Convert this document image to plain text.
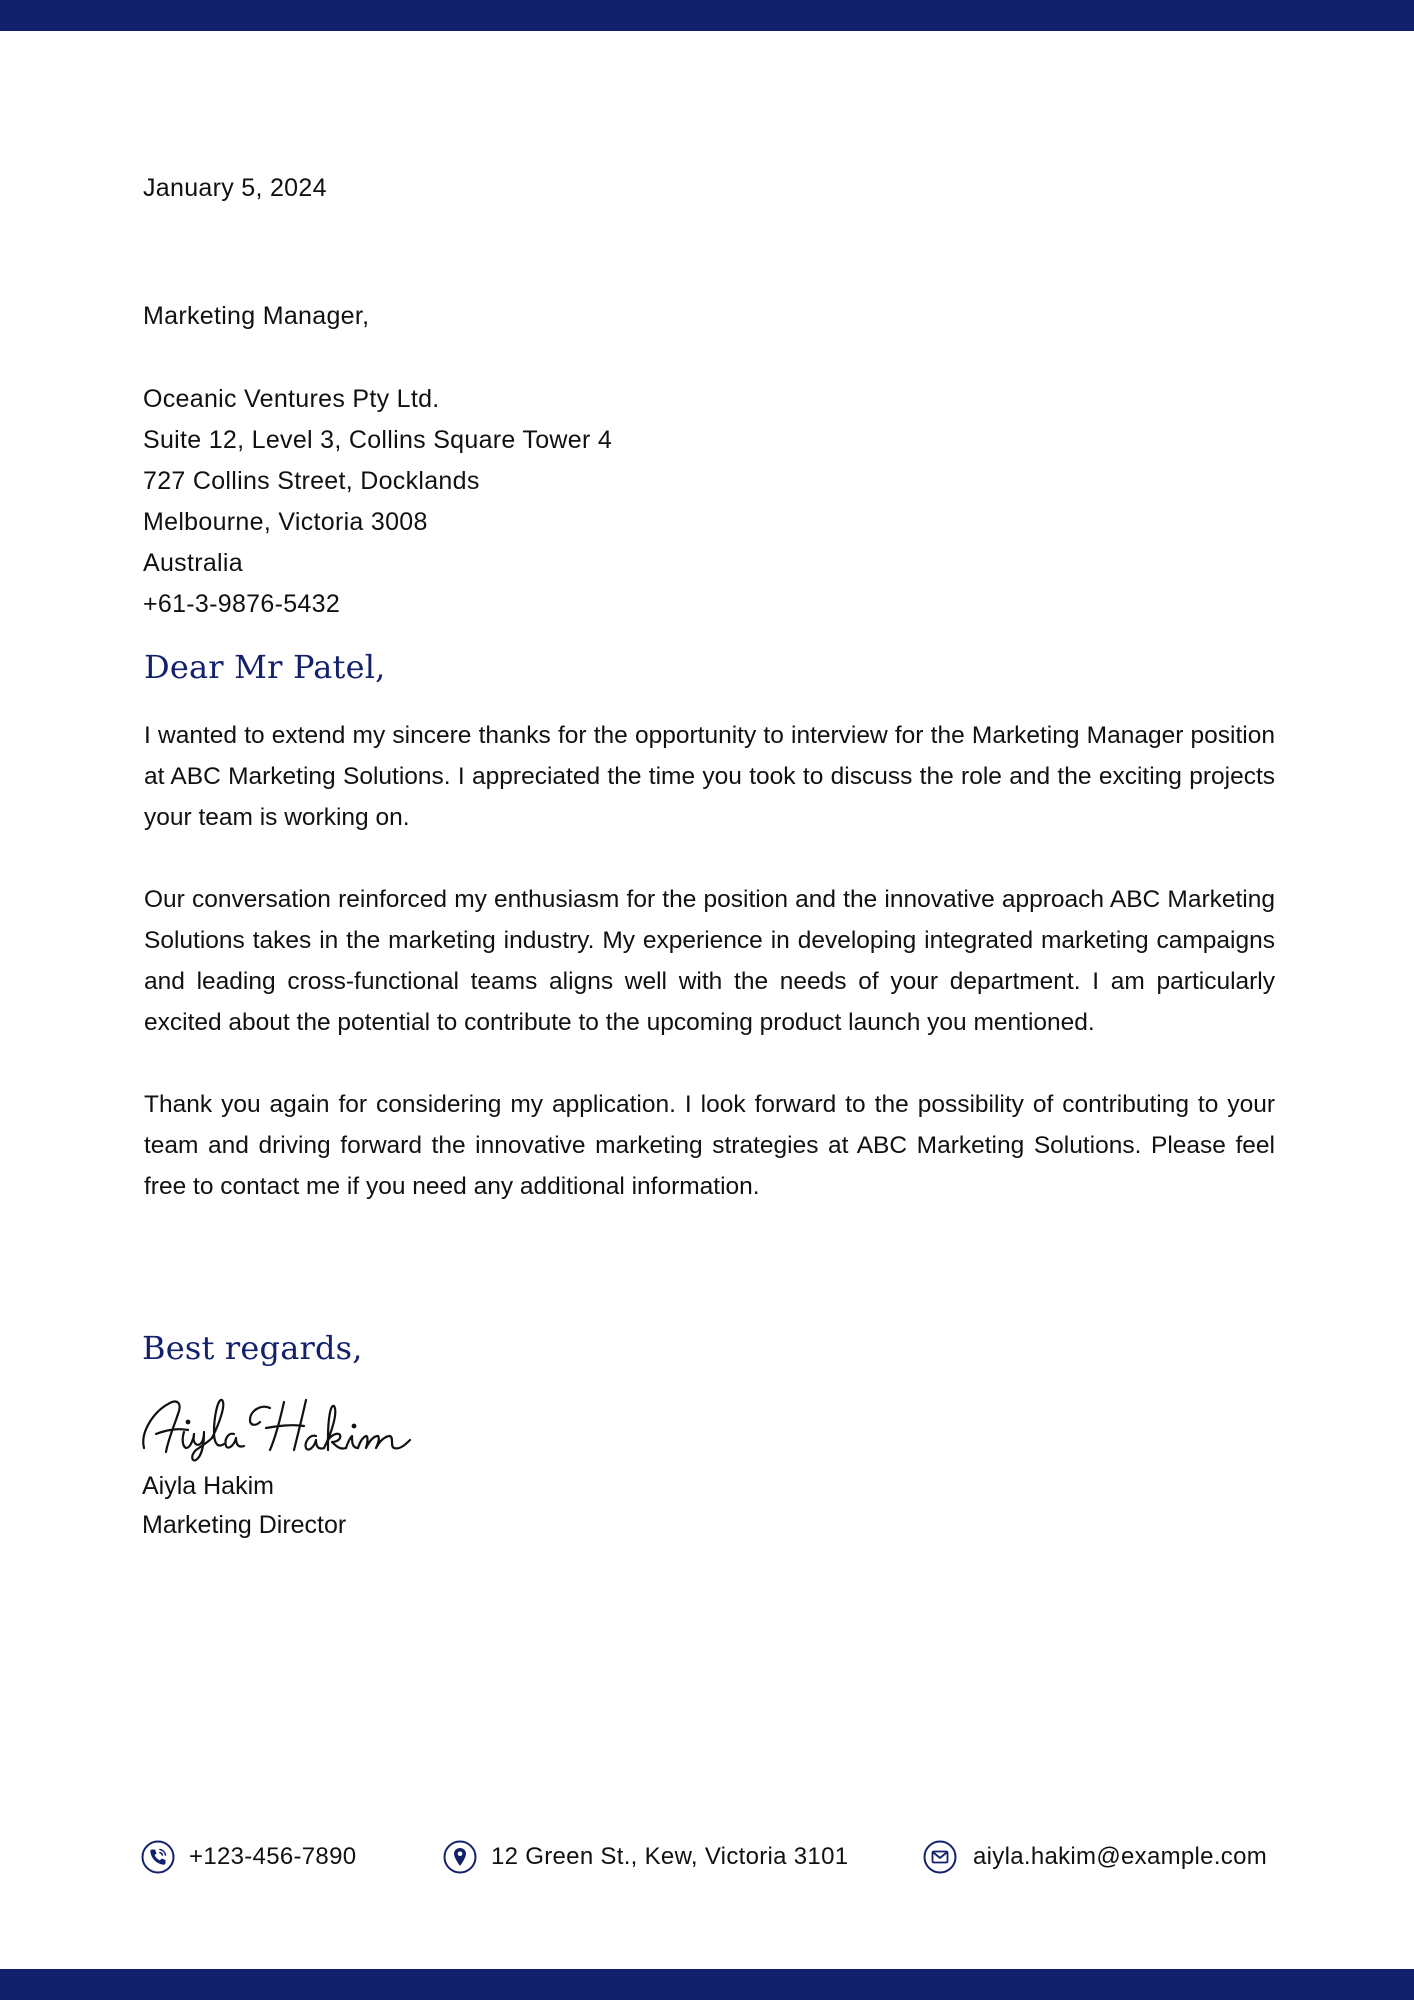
January 5, 2024
Marketing Manager,
Oceanic Ventures Pty Ltd.
Suite 12, Level 3, Collins Square Tower 4
727 Collins Street, Docklands
Melbourne, Victoria 3008
Australia
+61-3-9876-5432
Dear Mr Patel,

I wanted to extend my sincere thanks for the opportunity to interview for the Marketing Manager position at ABC Marketing Solutions. I appreciated the time you took to discuss the role and the exciting projects your team is working on.

Our conversation reinforced my enthusiasm for the position and the innovative approach ABC Marketing Solutions takes in the marketing industry. My experience in developing integrated marketing campaigns and leading cross-functional teams aligns well with the needs of your department. I am particularly excited about the potential to contribute to the upcoming product launch you mentioned.

Thank you again for considering my application. I look forward to the possibility of contributing to your team and driving forward the innovative marketing strategies at ABC Marketing Solutions. Please feel free to contact me if you need any additional information.

Best regards,
Aiyla Hakim
Marketing Director
+123-456-7890	12 Green St., Kew, Victoria 3101	aiyla.hakim@example.com
